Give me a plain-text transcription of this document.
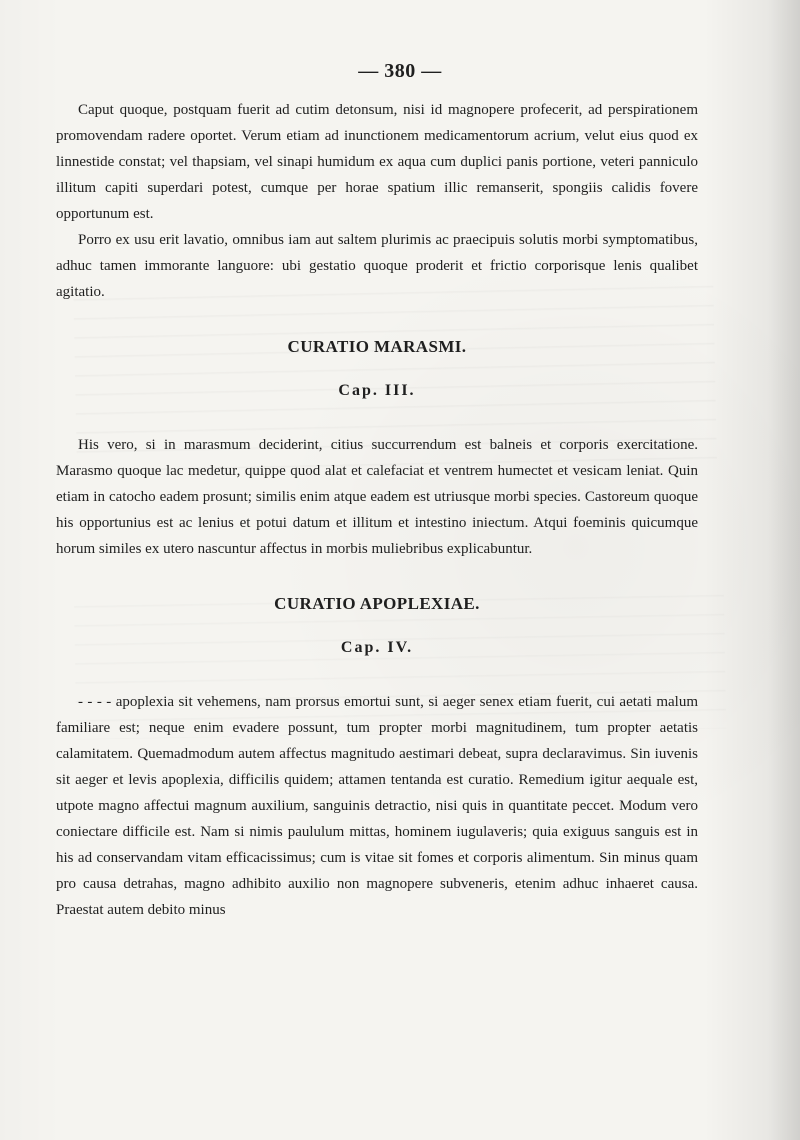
— 380 —

Caput quoque, postquam fuerit ad cutim detonsum, nisi id magnopere profecerit, ad perspirationem promovendam radere oportet. Verum etiam ad inunctionem medicamentorum acrium, velut eius quod ex linnestide constat; vel thapsiam, vel sinapi humidum ex aqua cum duplici panis portione, veteri panniculo illitum capiti superdari potest, cumque per horae spatium illic remanserit, spongiis calidis fovere opportunum est.

Porro ex usu erit lavatio, omnibus iam aut saltem plurimis ac praecipuis solutis morbi symptomatibus, adhuc tamen immorante languore: ubi gestatio quoque proderit et frictio corporisque lenis qualibet agitatio.

CURATIO MARASMI.
Cap. III.

His vero, si in marasmum deciderint, citius succurrendum est balneis et corporis exercitatione. Marasmo quoque lac medetur, quippe quod alat et calefaciat et ventrem humectet et vesicam leniat. Quin etiam in catocho eadem prosunt; similis enim atque eadem est utriusque morbi species. Castoreum quoque his opportunius est ac lenius et potui datum et illitum et intestino iniectum. Atqui foeminis quicumque horum similes ex utero nascuntur affectus in morbis muliebribus explicabuntur.

CURATIO APOPLEXIAE.
Cap. IV.

- - - - apoplexia sit vehemens, nam prorsus emortui sunt, si aeger senex etiam fuerit, cui aetati malum familiare est; neque enim evadere possunt, tum propter morbi magnitudinem, tum propter aetatis calamitatem. Quemadmodum autem affectus magnitudo aestimari debeat, supra declaravimus. Sin iuvenis sit aeger et levis apoplexia, difficilis quidem; attamen tentanda est curatio. Remedium igitur aequale est, utpote magno affectui magnum auxilium, sanguinis detractio, nisi quis in quantitate peccet. Modum vero coniectare difficile est. Nam si nimis paululum mittas, hominem iugulaveris; quia exiguus sanguis est in his ad conservandam vitam efficacissimus; cum is vitae sit fomes et corporis alimentum. Sin minus quam pro causa detrahas, magno adhibito auxilio non magnopere subveneris, etenim adhuc inhaeret causa. Praestat autem debito minus
